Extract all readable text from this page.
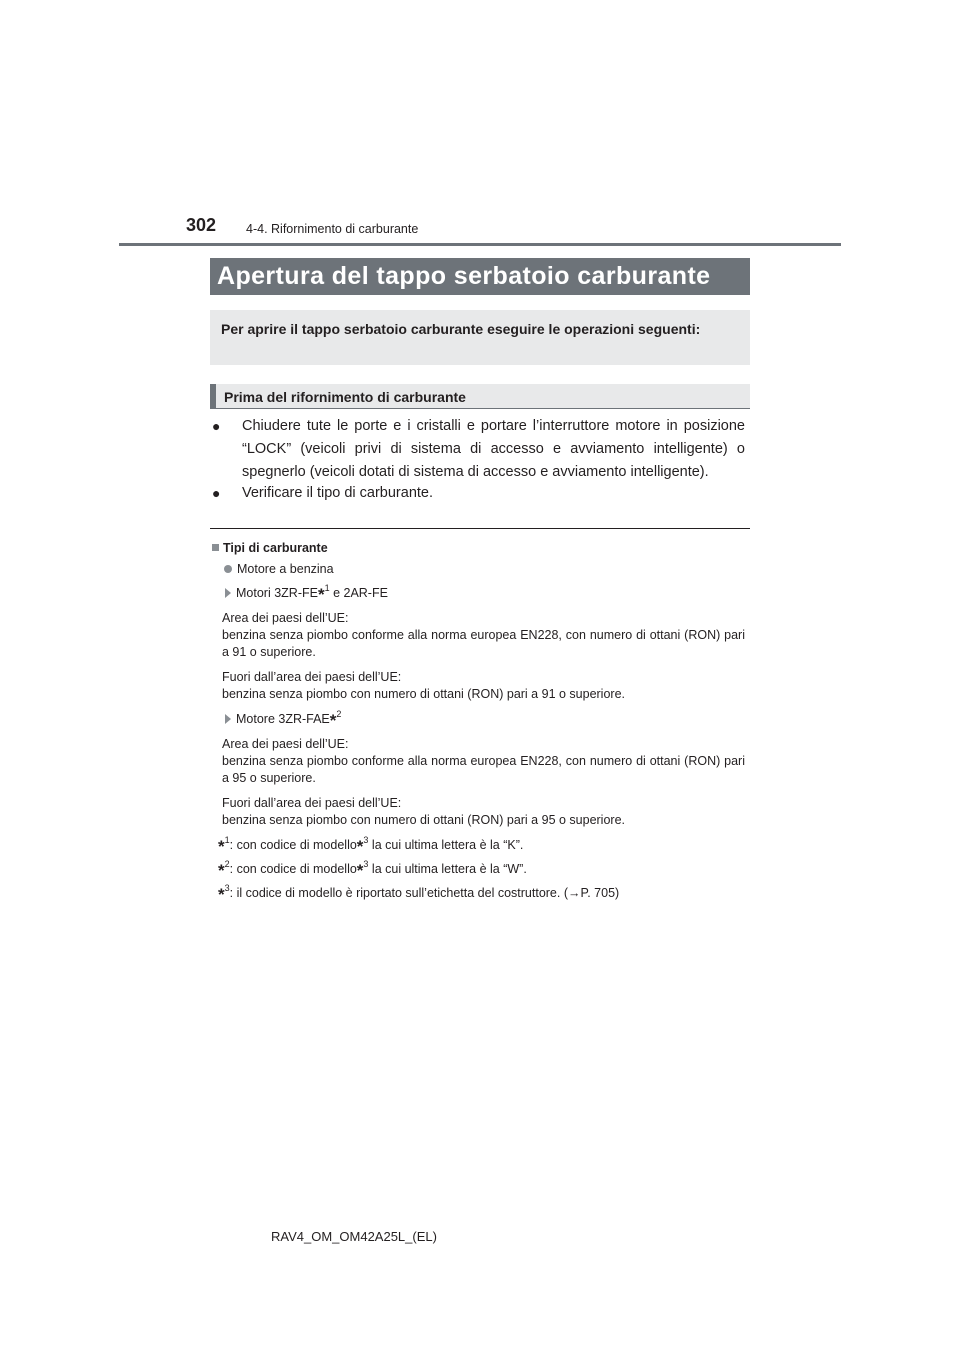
302 4-4. Rifornimento di carburante
Apertura del tappo serbatoio carburante
Per aprire il tappo serbatoio carburante eseguire le operazioni seguenti:
Prima del rifornimento di carburante
● Chiudere tute le porte e i cristalli e portare l’interruttore motore in posizione “LOCK” (veicoli privi di sistema di accesso e avviamento intelligente) o spegnerlo (veicoli dotati di sistema di accesso e avviamento intelligente).
● Verificare il tipo di carburante.
Tipi di carburante
Motore a benzina
Motori 3ZR-FE*$^1$ e 2AR-FE
Area dei paesi dell’UE:
benzina senza piombo conforme alla norma europea EN228, con numero di ottani (RON) pari a 91 o superiore.
Fuori dall’area dei paesi dell’UE:
benzina senza piombo con numero di ottani (RON) pari a 91 o superiore.
Motore 3ZR-FAE*$^2$
Area dei paesi dell’UE:
benzina senza piombo conforme alla norma europea EN228, con numero di ottani (RON) pari a 95 o superiore.
Fuori dall’area dei paesi dell’UE:
benzina senza piombo con numero di ottani (RON) pari a 95 o superiore.
*$^1$: con codice di modello*$^3$ la cui ultima lettera è la “K”.
*$^2$: con codice di modello*$^3$ la cui ultima lettera è la “W”.
*$^3$: il codice di modello è riportato sull’etichetta del costruttore. (→P. 705)
RAV4_OM_OM42A25L_(EL)
